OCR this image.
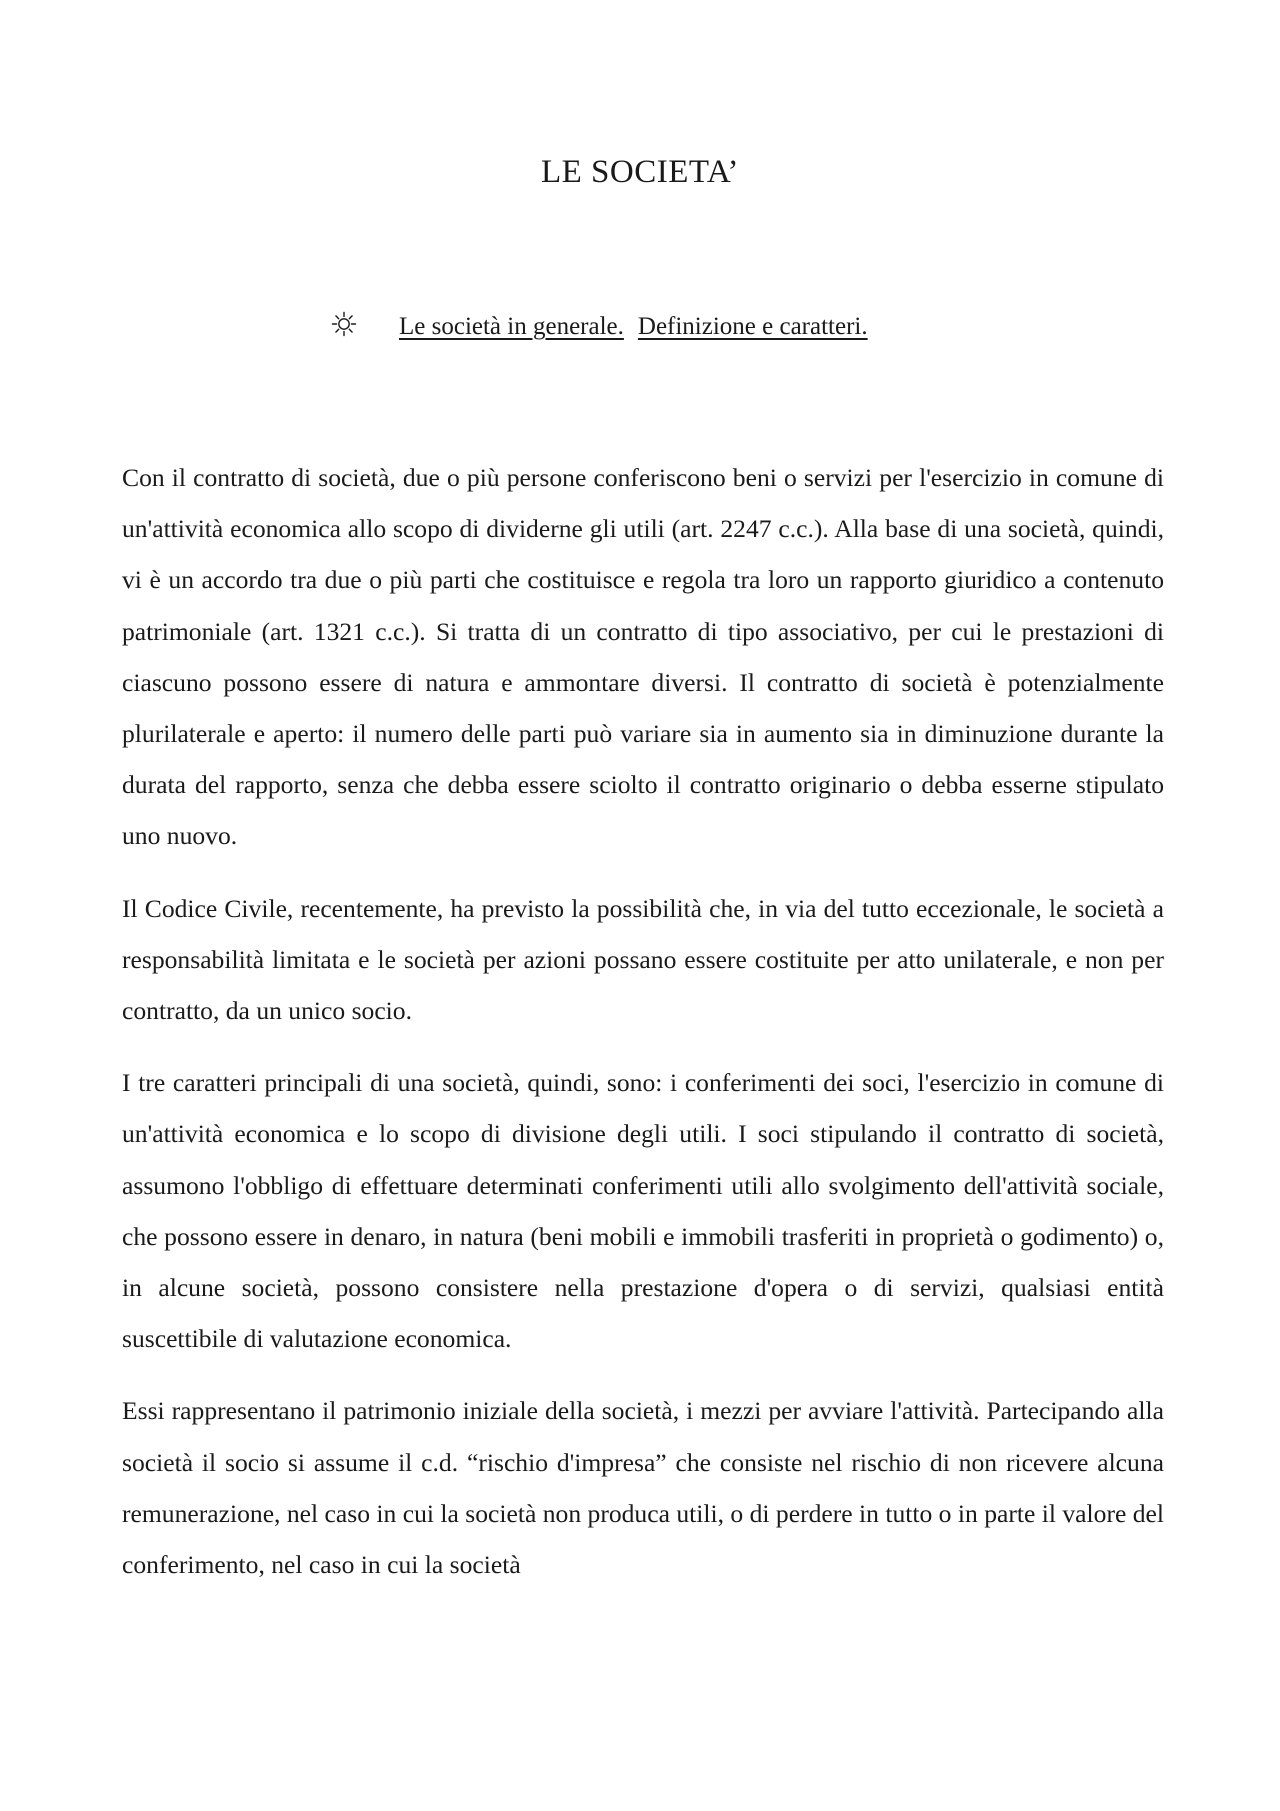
LE SOCIETA’
Le società in generale. Definizione e caratteri.

Con il contratto di società, due o più persone conferiscono beni o servizi per l'esercizio in comune di un'attività economica allo scopo di dividerne gli utili (art. 2247 c.c.). Alla base di una società, quindi, vi è un accordo tra due o più parti che costituisce e regola tra loro un rapporto giuridico a contenuto patrimoniale (art. 1321 c.c.). Si tratta di un contratto di tipo associativo, per cui le prestazioni di ciascuno possono essere di natura e ammontare diversi. Il contratto di società è potenzialmente plurilaterale e aperto: il numero delle parti può variare sia in aumento sia in diminuzione durante la durata del rapporto, senza che debba essere sciolto il contratto originario o debba esserne stipulato uno nuovo.

Il Codice Civile, recentemente, ha previsto la possibilità che, in via del tutto eccezionale, le società a responsabilità limitata e le società per azioni possano essere costituite per atto unilaterale, e non per contratto, da un unico socio.

I tre caratteri principali di una società, quindi, sono: i conferimenti dei soci, l'esercizio in comune di un'attività economica e lo scopo di divisione degli utili. I soci stipulando il contratto di società, assumono l'obbligo di effettuare determinati conferimenti utili allo svolgimento dell'attività sociale, che possono essere in denaro, in natura (beni mobili e immobili trasferiti in proprietà o godimento) o, in alcune società, possono consistere nella prestazione d'opera o di servizi, qualsiasi entità suscettibile di valutazione economica.

Essi rappresentano il patrimonio iniziale della società, i mezzi per avviare l'attività. Partecipando alla società il socio si assume il c.d. “rischio d'impresa” che consiste nel rischio di non ricevere alcuna remunerazione, nel caso in cui la società non produca utili, o di perdere in tutto o in parte il valore del conferimento, nel caso in cui la società
